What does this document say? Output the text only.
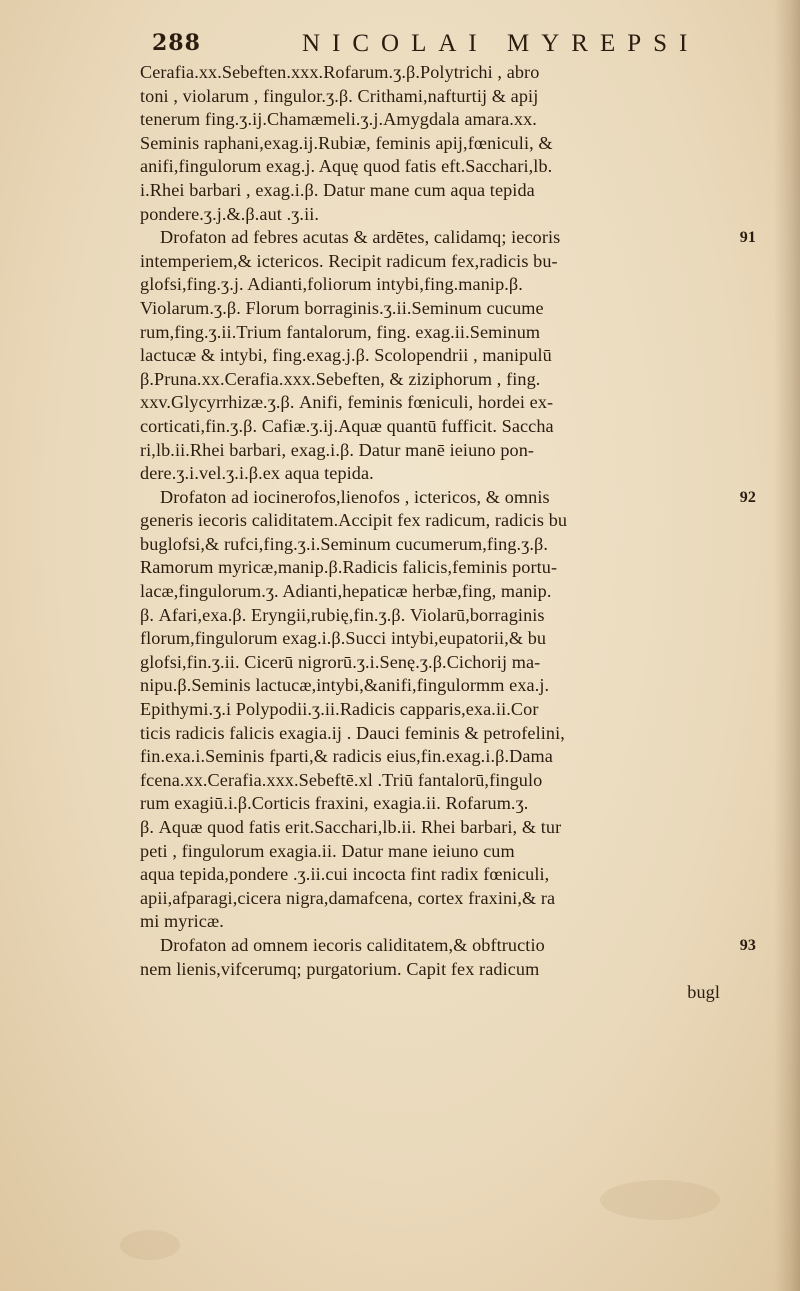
288	NICOLAI MYREPSI
Cerafia.xx.Sebeften.xxx.Rofarum.ʒ.β.Polytrichi , abro
toni , violarum , fingulor.ʒ.β. Crithami,nafturtij & apij
tenerum fing.ʒ.ij.Chamæmeli.ʒ.j.Amygdala amara.xx.
Seminis raphani,exag.ij.Rubiæ, feminis apij,fœniculi, &
anifi,fingulorum exag.j. Aquę quod fatis eft.Sacchari,lb.
i.Rhei barbari , exag.i.β. Datur mane cum aqua tepida
pondere.ʒ.j.&.β.aut .ʒ.ii.
Drofaton ad febres acutas & ardētes, calidamq; iecoris	91
intemperiem,& ictericos. Recipit radicum fex,radicis bu-
glofsi,fing.ʒ.j. Adianti,foliorum intybi,fing.manip.β.
Violarum.ʒ.β. Florum borraginis.ʒ.ii.Seminum cucume
rum,fing.ʒ.ii.Trium fantalorum, fing. exag.ii.Seminum
lactucæ & intybi, fing.exag.j.β. Scolopendrii , manipulū
β.Pruna.xx.Cerafia.xxx.Sebeften, & ziziphorum , fing.
xxv.Glycyrrhizæ.ʒ.β. Anifi, feminis fœniculi, hordei ex-
corticati,fin.ʒ.β. Cafiæ.ʒ.ij.Aquæ quantū fufficit. Saccha
ri,lb.ii.Rhei barbari, exag.i.β. Datur manē ieiuno pon-
dere.ʒ.i.vel.ʒ.i.β.ex aqua tepida.
Drofaton ad iocinerofos,lienofos , ictericos, & omnis	92
generis iecoris caliditatem.Accipit fex radicum, radicis bu
buglofsi,& rufci,fing.ʒ.i.Seminum cucumerum,fing.ʒ.β.
Ramorum myricæ,manip.β.Radicis falicis,feminis portu-
lacæ,fingulorum.ʒ. Adianti,hepaticæ herbæ,fing, manip.
β. Afari,exa.β. Eryngii,rubię,fin.ʒ.β. Violarū,borraginis
florum,fingulorum exag.i.β.Succi intybi,eupatorii,& bu
glofsi,fin.ʒ.ii. Cicerū nigrorū.ʒ.i.Senę.ʒ.β.Cichorij ma-
nipu.β.Seminis lactucæ,intybi,&anifi,fingulormm exa.j.
Epithymi.ʒ.i Polypodii.ʒ.ii.Radicis capparis,exa.ii.Cor
ticis radicis falicis exagia.ij . Dauci feminis & petrofelini,
fin.exa.i.Seminis fparti,& radicis eius,fin.exag.i.β.Dama
fcena.xx.Cerafia.xxx.Sebeftē.xl .Triū fantalorū,fingulo
rum exagiū.i.β.Corticis fraxini, exagia.ii. Rofarum.ʒ.
β. Aquæ quod fatis erit.Sacchari,lb.ii. Rhei barbari, & tur
peti , fingulorum exagia.ii. Datur mane ieiuno cum
aqua tepida,pondere .ʒ.ii.cui incocta fint radix fœniculi,
apii,afparagi,cicera nigra,damafcena, cortex fraxini,& ra
mi myricæ.
Drofaton ad omnem iecoris caliditatem,& obftructio	93
nem lienis,vifcerumq; purgatorium. Capit fex radicum
bugl
